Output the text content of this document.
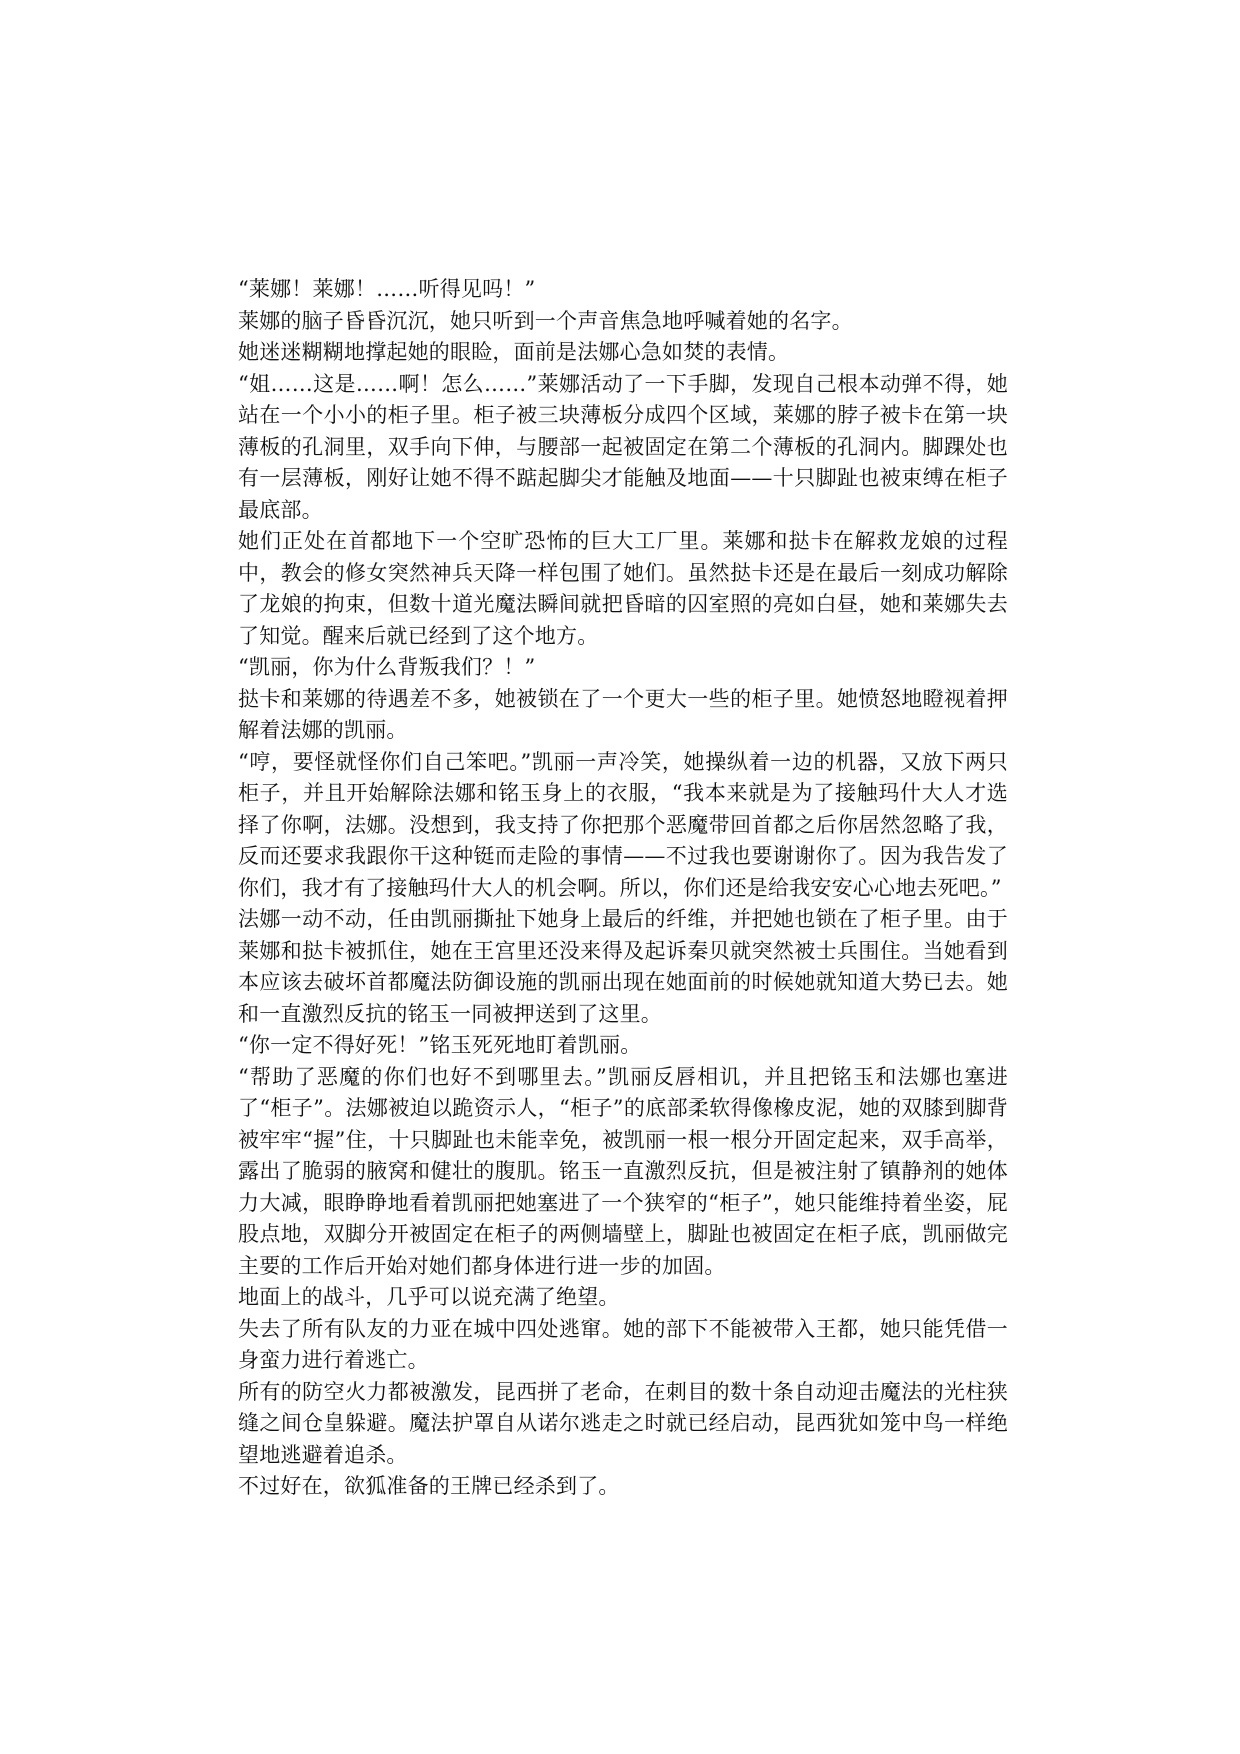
“莱娜！莱娜！……听得见吗！”

莱娜的脑子昏昏沉沉，她只听到一个声音焦急地呼喊着她的名字。

她迷迷糊糊地撑起她的眼睑，面前是法娜心急如焚的表情。

“姐……这是……啊！怎么……”莱娜活动了一下手脚，发现自己根本动弹不得，她站在一个小小的柜子里。柜子被三块薄板分成四个区域，莱娜的脖子被卡在第一块薄板的孔洞里，双手向下伸，与腰部一起被固定在第二个薄板的孔洞内。脚踝处也有一层薄板，刚好让她不得不踮起脚尖才能触及地面——十只脚趾也被束缚在柜子最底部。

她们正处在首都地下一个空旷恐怖的巨大工厂里。莱娜和挞卡在解救龙娘的过程中，教会的修女突然神兵天降一样包围了她们。虽然挞卡还是在最后一刻成功解除了龙娘的拘束，但数十道光魔法瞬间就把昏暗的囚室照的亮如白昼，她和莱娜失去了知觉。醒来后就已经到了这个地方。

“凯丽，你为什么背叛我们？！”

挞卡和莱娜的待遇差不多，她被锁在了一个更大一些的柜子里。她愤怒地瞪视着押解着法娜的凯丽。

“哼，要怪就怪你们自己笨吧。”凯丽一声冷笑，她操纵着一边的机器，又放下两只柜子，并且开始解除法娜和铭玉身上的衣服，“我本来就是为了接触玛什大人才选择了你啊，法娜。没想到，我支持了你把那个恶魔带回首都之后你居然忽略了我，反而还要求我跟你干这种铤而走险的事情——不过我也要谢谢你了。因为我告发了你们，我才有了接触玛什大人的机会啊。所以，你们还是给我安安心心地去死吧。”

法娜一动不动，任由凯丽撕扯下她身上最后的纤维，并把她也锁在了柜子里。由于莱娜和挞卡被抓住，她在王宫里还没来得及起诉秦贝就突然被士兵围住。当她看到本应该去破坏首都魔法防御设施的凯丽出现在她面前的时候她就知道大势已去。她和一直激烈反抗的铭玉一同被押送到了这里。

“你一定不得好死！”铭玉死死地盯着凯丽。

“帮助了恶魔的你们也好不到哪里去。”凯丽反唇相讥，并且把铭玉和法娜也塞进了“柜子”。法娜被迫以跪资示人，“柜子”的底部柔软得像橡皮泥，她的双膝到脚背被牢牢“握”住，十只脚趾也未能幸免，被凯丽一根一根分开固定起来，双手高举，露出了脆弱的腋窝和健壮的腹肌。铭玉一直激烈反抗，但是被注射了镇静剂的她体力大减，眼睁睁地看着凯丽把她塞进了一个狭窄的“柜子”，她只能维持着坐姿，屁股点地，双脚分开被固定在柜子的两侧墙壁上，脚趾也被固定在柜子底，凯丽做完主要的工作后开始对她们都身体进行进一步的加固。

地面上的战斗，几乎可以说充满了绝望。

失去了所有队友的力亚在城中四处逃窜。她的部下不能被带入王都，她只能凭借一身蛮力进行着逃亡。

所有的防空火力都被激发，昆西拼了老命，在刺目的数十条自动迎击魔法的光柱狭缝之间仓皇躲避。魔法护罩自从诺尔逃走之时就已经启动，昆西犹如笼中鸟一样绝望地逃避着追杀。

不过好在，欲狐准备的王牌已经杀到了。
